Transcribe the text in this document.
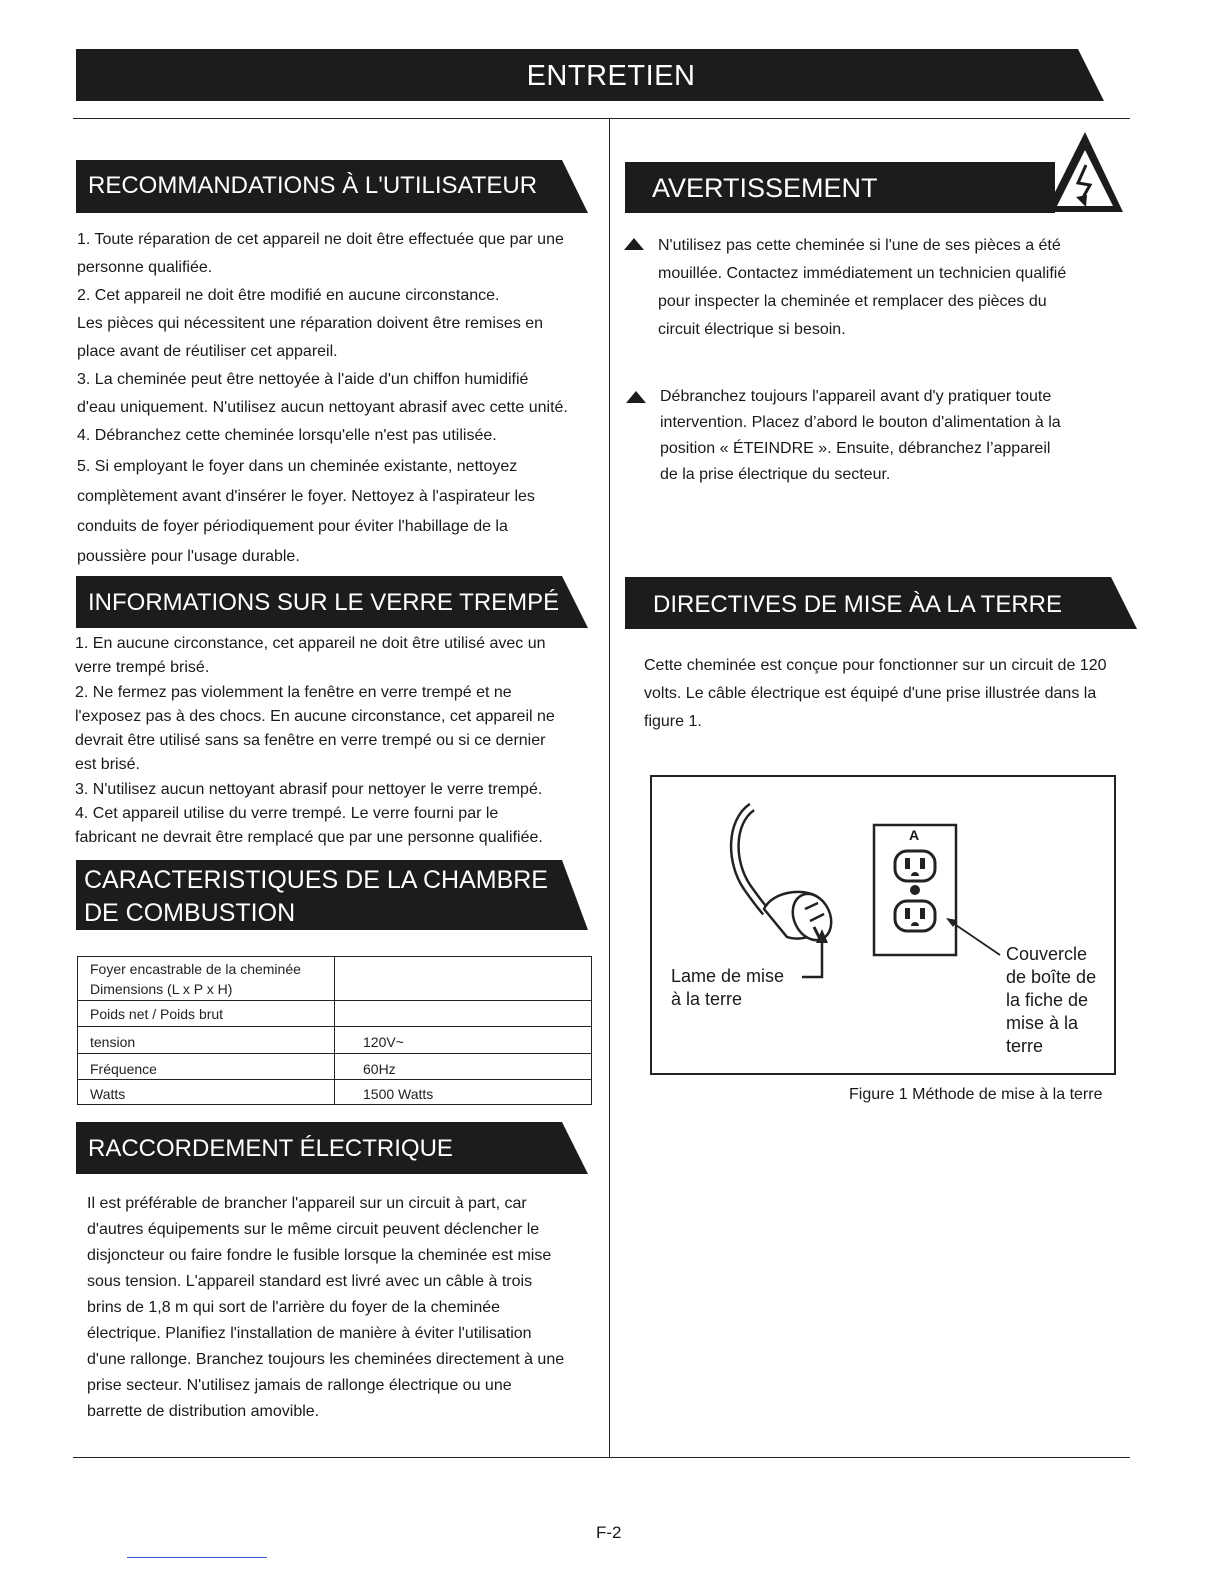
ENTRETIEN
RECOMMANDATIONS À L'UTILISATEUR

1. Toute réparation de cet appareil ne doit être effectuée que par une

personne qualifiée.

2. Cet appareil ne doit être modifié en aucune circonstance.

Les pièces qui nécessitent une réparation doivent être remises en

place avant de réutiliser cet appareil.

3. La cheminée peut être nettoyée à l'aide d'un chiffon humidifié

d'eau uniquement. N'utilisez aucun nettoyant abrasif avec cette unité.

4. Débranchez cette cheminée lorsqu'elle n'est pas utilisée.

5. Si employant le foyer dans un cheminée existante, nettoyez

complètement avant d'insérer le foyer. Nettoyez à l'aspirateur les

conduits de foyer périodiquement pour éviter l'habillage de la

poussière pour l'usage durable.

INFORMATIONS SUR LE VERRE TREMPÉ

1. En aucune circonstance, cet appareil ne doit être utilisé avec un

verre trempé brisé.

2. Ne fermez pas violemment la fenêtre en verre trempé et ne

l'exposez pas à des chocs. En aucune circonstance, cet appareil ne

devrait être utilisé sans sa fenêtre en verre trempé ou si ce dernier

est brisé.

3. N'utilisez aucun nettoyant abrasif pour nettoyer le verre trempé.

4. Cet appareil utilise du verre trempé. Le verre fourni par le

fabricant ne devrait être remplacé que par une personne qualifiée.

CARACTERISTIQUES DE LA CHAMBRE
DE COMBUSTION
Foyer encastrable de la cheminée
Dimensions (L x P x H)	

Poids net / Poids brut	
tension	120V~
Fréquence	60Hz
Watts	1500 Watts
RACCORDEMENT ÉLECTRIQUE

Il est préférable de brancher l'appareil sur un circuit à part, car

d'autres équipements sur le même circuit peuvent déclencher le

disjoncteur ou faire fondre le fusible lorsque la cheminée est mise

sous tension. L'appareil standard est livré avec un câble à trois

brins de 1,8 m qui sort de l'arrière du foyer de la cheminée

électrique. Planifiez l'installation de manière à éviter l'utilisation

d'une rallonge. Branchez toujours les cheminées directement à une

prise secteur. N'utilisez jamais de rallonge électrique ou une

barrette de distribution amovible.

AVERTISSEMENT
N'utilisez pas cette cheminée si l'une de ses pièces a été
mouillée. Contactez immédiatement un technicien qualifié
pour inspecter la cheminée et remplacer des pièces du
circuit électrique si besoin.
Débranchez toujours l'appareil avant d'y pratiquer toute
intervention. Placez d’abord le bouton d'alimentation à la
position « ÉTEINDRE ». Ensuite, débranchez l’appareil
de la prise électrique du secteur.
DIRECTIVES DE MISE ÀA LA TERRE

Cette cheminée est conçue pour fonctionner sur un circuit de 120

volts. Le câble électrique est équipé d'une prise illustrée dans la

figure 1.

A
Lame de mise
à la terre
Couvercle
de boîte de
la fiche de
mise à la
terre
Figure 1 Méthode de mise à la terre
F-2
